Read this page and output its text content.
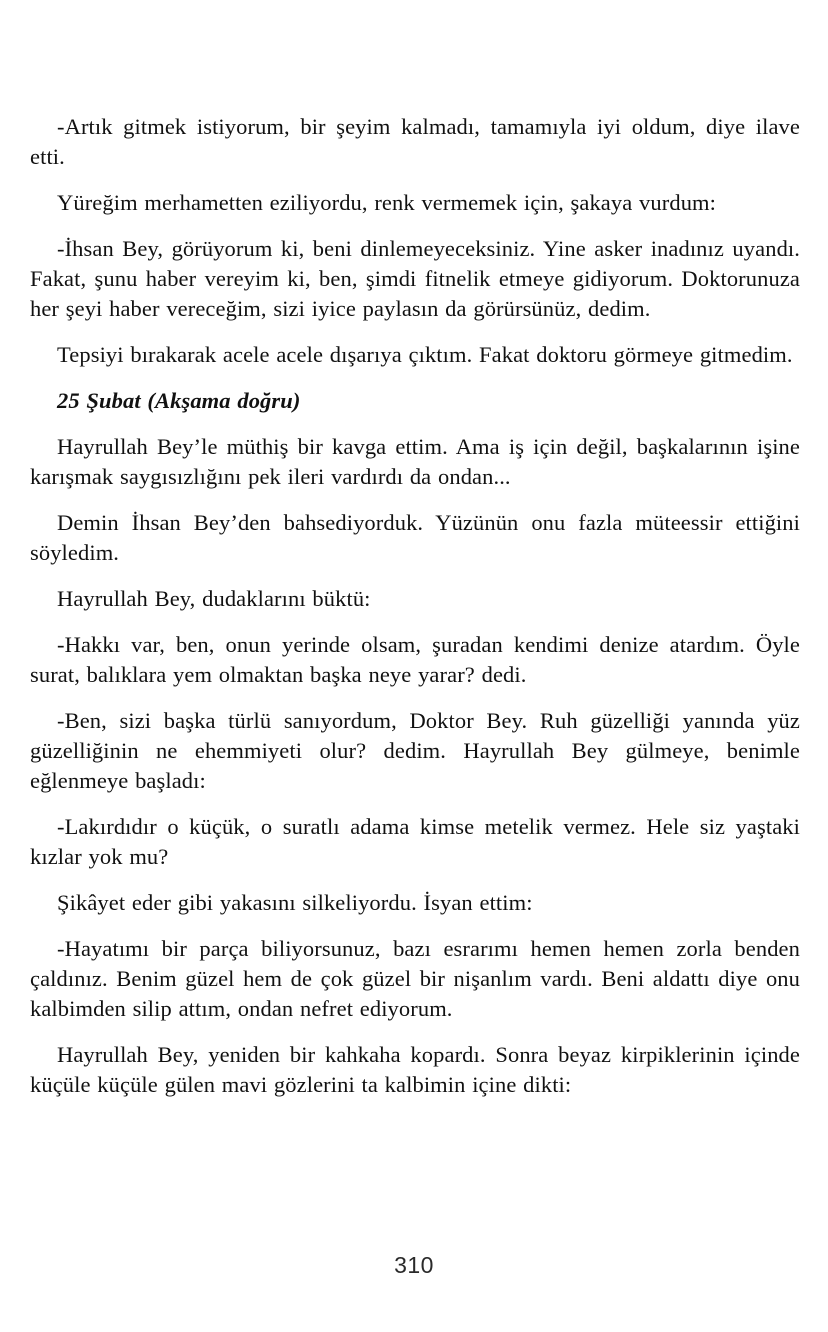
-Artık gitmek istiyorum, bir şeyim kalmadı, tamamıyla iyi oldum, diye ilave etti.

Yüreğim merhametten eziliyordu, renk vermemek için, şakaya vurdum:

-İhsan Bey, görüyorum ki, beni dinlemeyeceksiniz. Yine asker inadınız uyandı. Fakat, şunu haber vereyim ki, ben, şimdi fitnelik etmeye gidiyorum. Doktorunuza her şeyi haber vereceğim, sizi iyice paylasın da görürsünüz, dedim.

Tepsiyi bırakarak acele acele dışarıya çıktım. Fakat doktoru görmeye gitmedim.

25 Şubat (Akşama doğru)

Hayrullah Bey’le müthiş bir kavga ettim. Ama iş için değil, başkalarının işine karışmak saygısızlığını pek ileri vardırdı da ondan...

Demin İhsan Bey’den bahsediyorduk. Yüzünün onu fazla müteessir ettiğini söyledim.

Hayrullah Bey, dudaklarını büktü:

-Hakkı var, ben, onun yerinde olsam, şuradan kendimi denize atardım. Öyle surat, balıklara yem olmaktan başka neye yarar? dedi.

-Ben, sizi başka türlü sanıyordum, Doktor Bey. Ruh güzelliği yanında yüz güzelliğinin ne ehemmiyeti olur? dedim. Hayrullah Bey gülmeye, benimle eğlenmeye başladı:

-Lakırdıdır o küçük, o suratlı adama kimse metelik vermez. Hele siz yaştaki kızlar yok mu?

Şikâyet eder gibi yakasını silkeliyordu. İsyan ettim:

-Hayatımı bir parça biliyorsunuz, bazı esrarımı hemen hemen zorla benden çaldınız. Benim güzel hem de çok güzel bir nişanlım vardı. Beni aldattı diye onu kalbimden silip attım, ondan nefret ediyorum.

Hayrullah Bey, yeniden bir kahkaha kopardı. Sonra beyaz kirpiklerinin içinde küçüle küçüle gülen mavi gözlerini ta kalbimin içine dikti:

310
